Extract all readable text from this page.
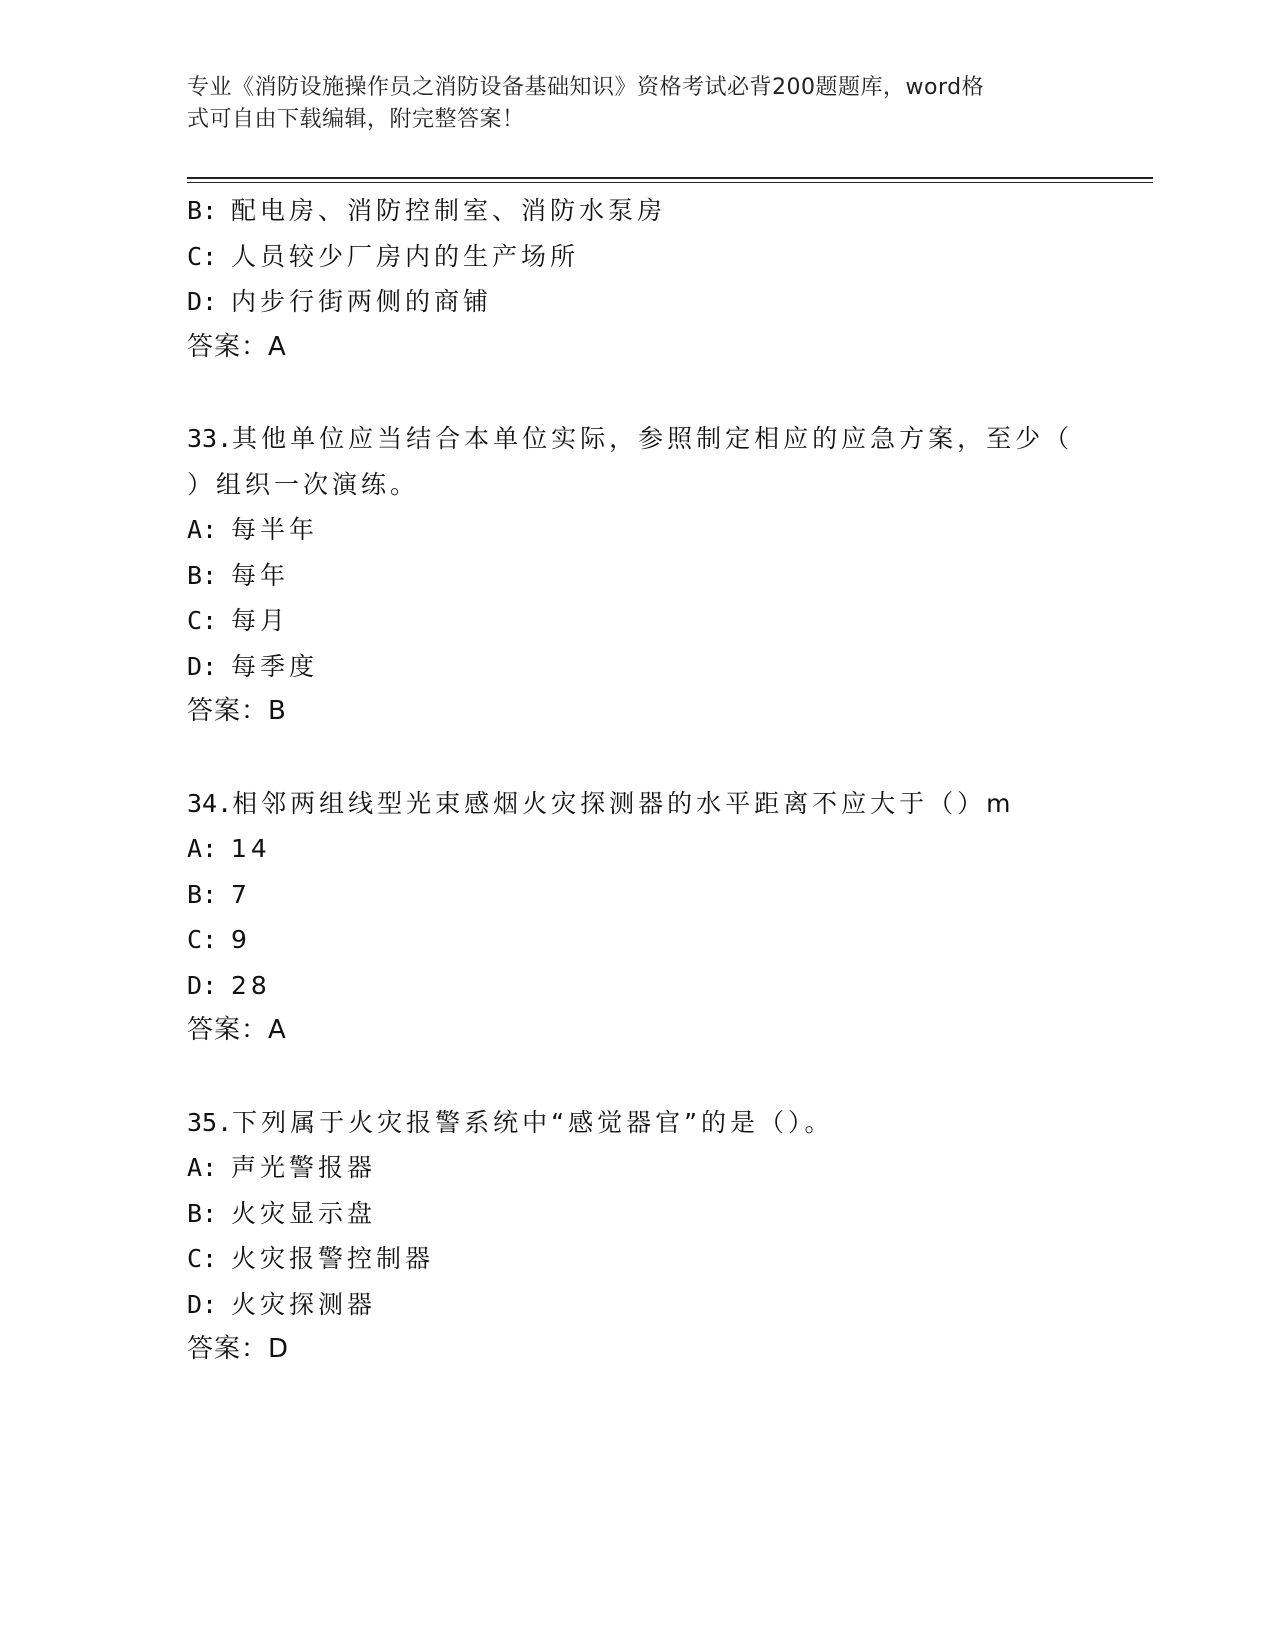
专业《消防设施操作员之消防设备基础知识》资格考试必背200题题库，word格
式可自由下载编辑，附完整答案！
B: 配电房、消防控制室、消防水泵房
C: 人员较少厂房内的生产场所
D: 内步行街两侧的商铺
答案：A
33.其他单位应当结合本单位实际，参照制定相应的应急方案，至少（
）组织一次演练。
A: 每半年
B: 每年
C: 每月
D: 每季度
答案：B
34.相邻两组线型光束感烟火灾探测器的水平距离不应大于（）m
A: 14
B: 7
C: 9
D: 28
答案：A
35.下列属于火灾报警系统中“感觉器官”的是（）。
A: 声光警报器
B: 火灾显示盘
C: 火灾报警控制器
D: 火灾探测器
答案：D
